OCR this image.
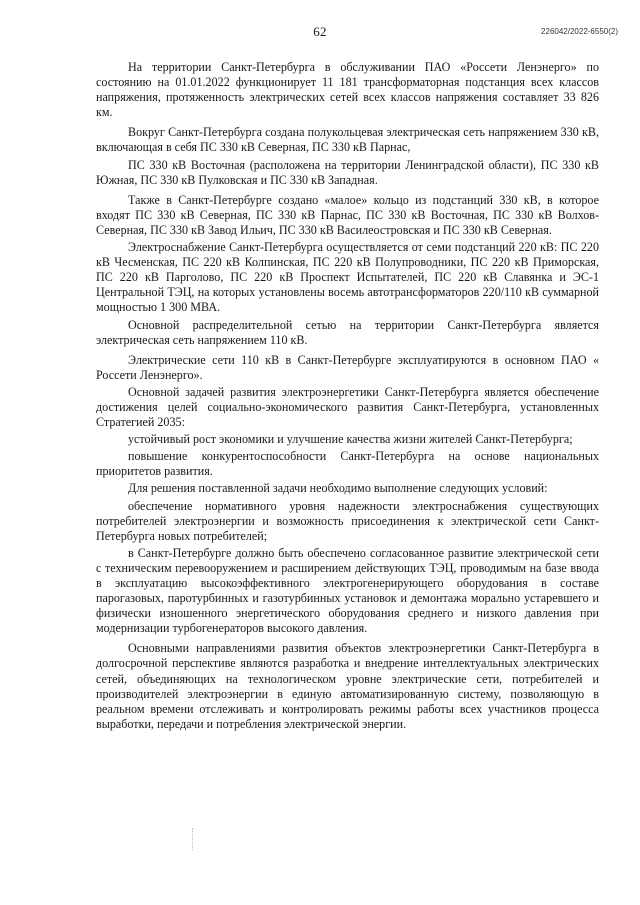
62	226042/2022-6550(2)

На территории Санкт-Петербурга в обслуживании ПАО «Россети Ленэнерго» по состоянию на 01.01.2022 функционирует 11 181 трансформаторная подстанция всех классов напряжения, протяженность электрических сетей всех классов напряжения составляет 33 826 км.

Вокруг Санкт-Петербурга создана полукольцевая электрическая сеть напряжением 330 кВ, включающая в себя ПС 330 кВ Северная, ПС 330 кВ Парнас,

ПС 330 кВ Восточная (расположена на территории Ленинградской области), ПС 330 кВ Южная, ПС 330 кВ Пулковская и ПС 330 кВ Западная.

Также в Санкт-Петербурге создано «малое» кольцо из подстанций 330 кВ, в которое входят ПС 330 кВ Северная, ПС 330 кВ Парнас, ПС 330 кВ Восточная, ПС 330 кВ Волхов-Северная, ПС 330 кВ Завод Ильич, ПС 330 кВ Василеостровская и ПС 330 кВ Северная.

Электроснабжение Санкт-Петербурга осуществляется от семи подстанций 220 кВ: ПС 220 кВ Чесменская, ПС 220 кВ Колпинская, ПС 220 кВ Полупроводники, ПС 220 кВ Приморская, ПС 220 кВ Парголово, ПС 220 кВ Проспект Испытателей, ПС 220 кВ Славянка и ЭС-1 Центральной ТЭЦ, на которых установлены восемь автотрансформаторов 220/110 кВ суммарной мощностью 1 300 МВА.

Основной распределительной сетью на территории Санкт-Петербурга является электрическая сеть напряжением 110 кВ.

Электрические сети 110 кВ в Санкт-Петербурге эксплуатируются в основном ПАО « Россети Ленэнерго».

Основной задачей развития электроэнергетики Санкт-Петербурга является обеспечение достижения целей социально-экономического развития Санкт-Петербурга, установленных Стратегией 2035:

устойчивый рост экономики и улучшение качества жизни жителей Санкт-Петербурга;

повышение конкурентоспособности Санкт-Петербурга на основе национальных приоритетов развития.

Для решения поставленной задачи необходимо выполнение следующих условий:

обеспечение нормативного уровня надежности электроснабжения существующих потребителей электроэнергии и возможность присоединения к электрической сети Санкт-Петербурга новых потребителей;

в Санкт-Петербурге должно быть обеспечено согласованное развитие электрической сети с техническим перевооружением и расширением действующих ТЭЦ, проводимым на базе ввода в эксплуатацию высокоэффективного электрогенерирующего оборудования в составе парогазовых, паротурбинных и газотурбинных установок и демонтажа морально устаревшего и физически изношенного энергетического оборудования среднего и низкого давления при модернизации турбогенераторов высокого давления.

Основными направлениями развития объектов электроэнергетики Санкт-Петербурга в долгосрочной перспективе являются разработка и внедрение интеллектуальных электрических сетей, объединяющих на технологическом уровне электрические сети, потребителей и производителей электроэнергии в единую автоматизированную систему, позволяющую в реальном времени отслеживать и контролировать режимы работы всех участников процесса выработки, передачи и потребления электрической энергии.
